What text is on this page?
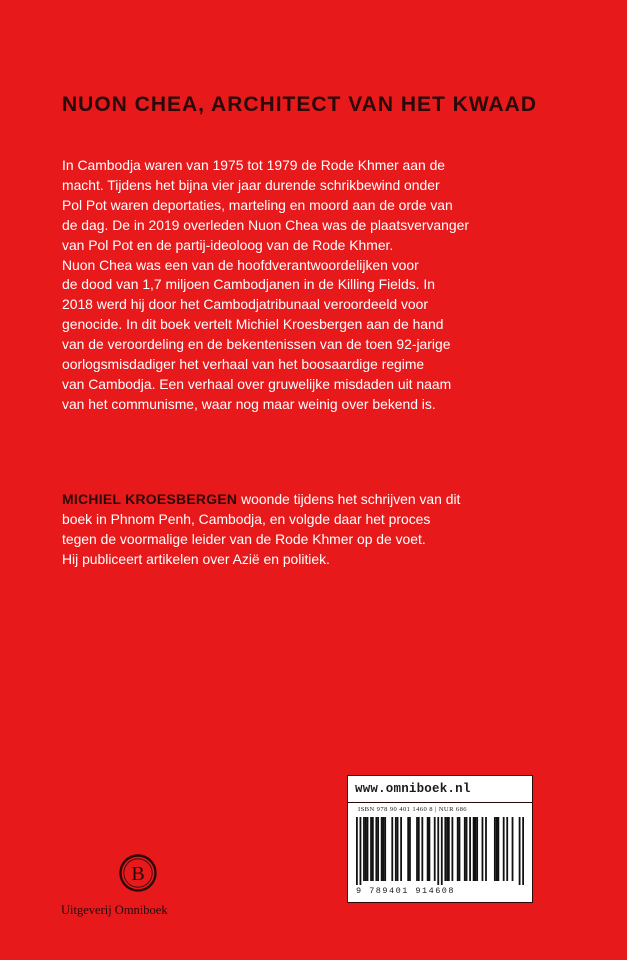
NUON CHEA, ARCHITECT VAN HET KWAAD

In Cambodja waren van 1975 tot 1979 de Rode Khmer aan de
macht. Tijdens het bijna vier jaar durende schrikbewind onder
Pol Pot waren deportaties, marteling en moord aan de orde van
de dag. De in 2019 overleden Nuon Chea was de plaatsvervanger
van Pol Pot en de partij-ideoloog van de Rode Khmer.
Nuon Chea was een van de hoofdverantwoordelijken voor
de dood van 1,7 miljoen Cambodjanen in de Killing Fields. In
2018 werd hij door het Cambodjatribunaal veroordeeld voor
genocide. In dit boek vertelt Michiel Kroesbergen aan de hand
van de veroordeling en de bekentenissen van de toen 92-jarige
oorlogsmisdadiger het verhaal van het boosaardige regime
van Cambodja. Een verhaal over gruwelijke misdaden uit naam
van het communisme, waar nog maar weinig over bekend is.

MICHIEL KROESBERGEN woonde tijdens het schrijven van dit
boek in Phnom Penh, Cambodja, en volgde daar het proces
tegen de voormalige leider van de Rode Khmer op de voet.
Hij publiceert artikelen over Azië en politiek.

www.omniboek.nl
ISBN 978 90 401 1460 8 | NUR 686
9 789401 914608
B
Uitgeverij Omniboek
